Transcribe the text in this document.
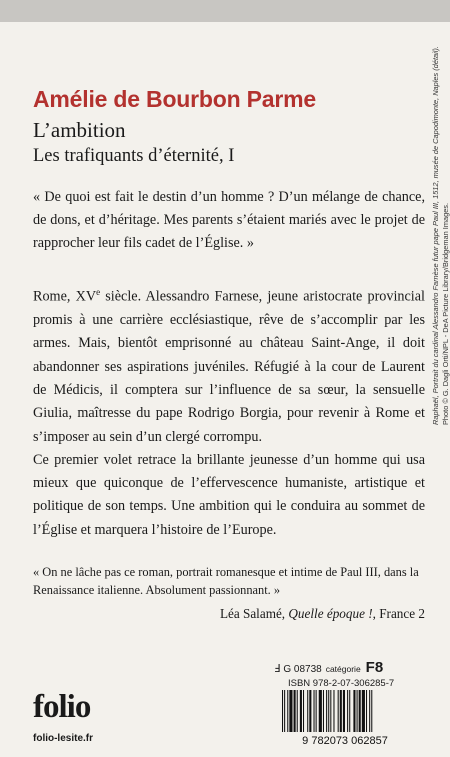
Amélie de Bourbon Parme
L’ambition
Les trafiquants d’éternité, I
« De quoi est fait le destin d’un homme ? D’un mélange de chance, de dons, et d’héritage. Mes parents s’étaient mariés avec le projet de rapprocher leur fils cadet de l’Église. »

Rome, XVe siècle. Alessandro Farnese, jeune aristocrate provincial promis à une carrière ecclésiastique, rêve de s’accomplir par les armes. Mais, bientôt emprisonné au château Saint-Ange, il doit abandonner ses aspirations juvéniles. Réfugié à la cour de Laurent de Médicis, il comptera sur l’influence de sa sœur, la sensuelle Giulia, maîtresse du pape Rodrigo Borgia, pour revenir à Rome et s’imposer au sein d’un clergé corrompu.

Ce premier volet retrace la brillante jeunesse d’un homme qui usa mieux que quiconque de l’effervescence humaniste, artistique et politique de son temps. Une ambition qui le conduira au sommet de l’Église et marquera l’histoire de l’Europe.

« On ne lâche pas ce roman, portrait romanesque et intime de Paul III, dans la Renaissance italienne. Absolument passionnant. »
Léa Salamé, Quelle époque !, France 2
Raphaël, Portrait du cardinal Alessandro Farnèse futur pape Paul III, 1512, musée de Capodimonte, Naples (détail). Photo © G. Dagli Orti/NPL - DeA Picture Library/Bridgeman Images.
folio
folio-lesite.fr
Ⅎ G 08738 catégorie F8
ISBN 978-2-07-306285-7
9 782073 062857
